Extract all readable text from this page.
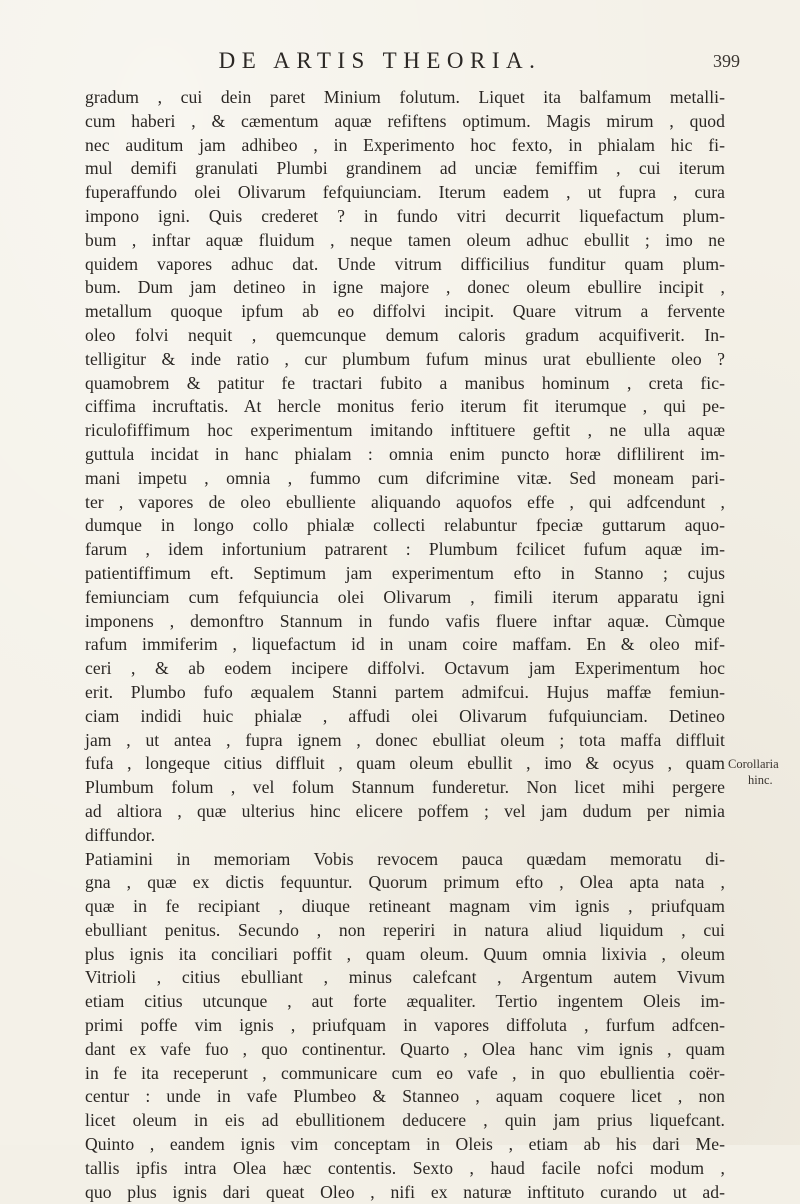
DE ARTIS THEORIA.	399
gradum , cui dein paret Minium folutum. Liquet ita balfamum metalli-
cum haberi , & cæmentum aquæ refiftens optimum. Magis mirum , quod
nec auditum jam adhibeo , in Experimento hoc fexto, in phialam hic fi-
mul demifi granulati Plumbi grandinem ad unciæ femiffim , cui iterum
fuperaffundo olei Olivarum fefquiunciam. Iterum eadem , ut fupra , cura
impono igni. Quis crederet ? in fundo vitri decurrit liquefactum plum-
bum , inftar aquæ fluidum , neque tamen oleum adhuc ebullit ; imo ne
quidem vapores adhuc dat. Unde vitrum difficilius funditur quam plum-
bum. Dum jam detineo in igne majore , donec oleum ebullire incipit ,
metallum quoque ipfum ab eo diffolvi incipit. Quare vitrum a fervente
oleo folvi nequit , quemcunque demum caloris gradum acquifiverit. In-
telligitur & inde ratio , cur plumbum fufum minus urat ebulliente oleo ?
quamobrem & patitur fe tractari fubito a manibus hominum , creta fic-
ciffima incruftatis. At hercle monitus ferio iterum fit iterumque , qui pe-
riculofiffimum hoc experimentum imitando inftituere geftit , ne ulla aquæ
guttula incidat in hanc phialam : omnia enim puncto horæ diflilirent im-
mani impetu , omnia , fummo cum difcrimine vitæ. Sed moneam pari-
ter , vapores de oleo ebulliente aliquando aquofos effe , qui adfcendunt ,
dumque in longo collo phialæ collecti relabuntur fpeciæ guttarum aquo-
farum , idem infortunium patrarent : Plumbum fcilicet fufum aquæ im-
patientiffimum eft. Septimum jam experimentum efto in Stanno ; cujus
femiunciam cum fefquiuncia olei Olivarum , fimili iterum apparatu igni
imponens , demonftro Stannum in fundo vafis fluere inftar aquæ. Cùmque
rafum immiferim , liquefactum id in unam coire maffam. En & oleo mif-
ceri , & ab eodem incipere diffolvi. Octavum jam Experimentum hoc
erit. Plumbo fufo æqualem Stanni partem admifcui. Hujus maffæ femiun-
ciam indidi huic phialæ , affudi olei Olivarum fufquiunciam. Detineo
jam , ut antea , fupra ignem , donec ebulliat oleum ; tota maffa diffluit
fufa , longeque citius diffluit , quam oleum ebullit , imo & ocyus , quam
Plumbum folum , vel folum Stannum funderetur. Non licet mihi pergere
ad altiora , quæ ulterius hinc elicere poffem ; vel jam dudum per nimia
diffundor.
Patiamini in memoriam Vobis revocem pauca quædam memoratu di-
gna , quæ ex dictis fequuntur. Quorum primum efto , Olea apta nata ,
quæ in fe recipiant , diuque retineant magnam vim ignis , priufquam
ebulliant penitus. Secundo , non reperiri in natura aliud liquidum , cui
plus ignis ita conciliari poffit , quam oleum. Quum omnia lixivia , oleum
Vitrioli , citius ebulliant , minus calefcant , Argentum autem Vivum
etiam citius utcunque , aut forte æqualiter. Tertio ingentem Oleis im-
primi poffe vim ignis , priufquam in vapores diffoluta , furfum adfcen-
dant ex vafe fuo , quo continentur. Quarto , Olea hanc vim ignis , quam
in fe ita receperunt , communicare cum eo vafe , in quo ebullientia coër-
centur : unde in vafe Plumbeo & Stanneo , aquam coquere licet , non
licet oleum in eis ad ebullitionem deducere , quin jam prius liquefcant.
Quinto , eandem ignis vim conceptam in Oleis , etiam ab his dari Me-
tallis ipfis intra Olea hæc contentis. Sexto , haud facile nofci modum ,
quo plus ignis dari queat Oleo , nifi ex naturæ inftituto curando ut ad-
Corollaria
hinc.
